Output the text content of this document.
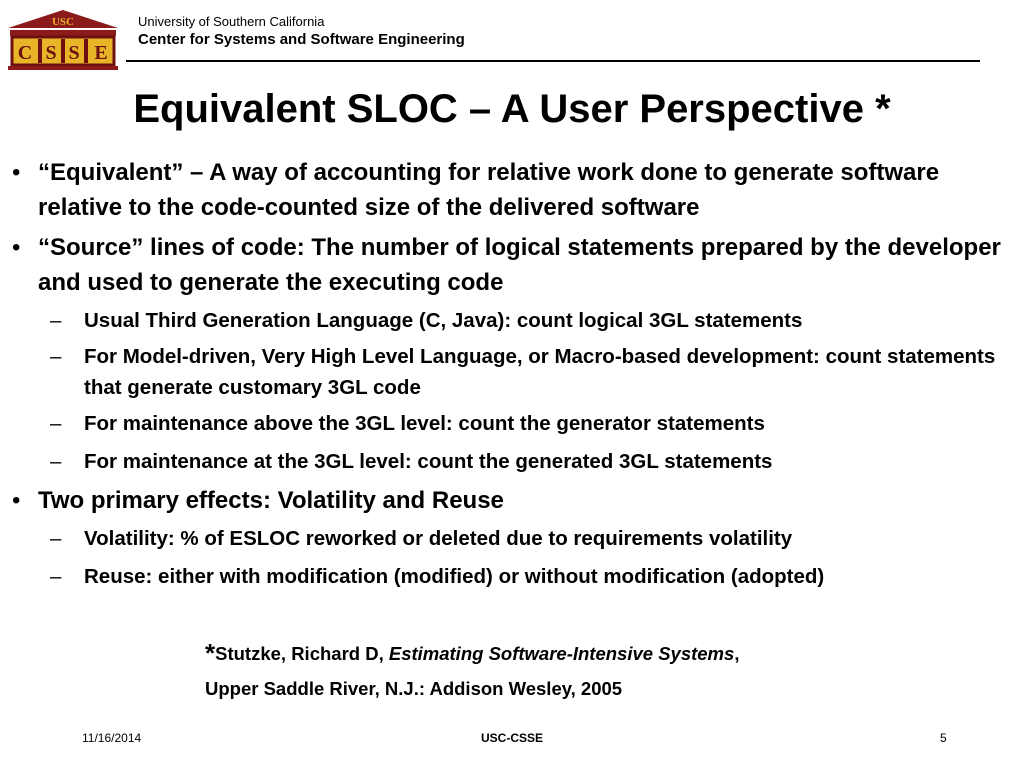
USC
C S S E
University of Southern California
Center for Systems and Software Engineering
Equivalent SLOC – A User Perspective *
• “Equivalent” – A way of accounting for relative work done to generate software relative to the code-counted size of the delivered software
• “Source” lines of code: The number of logical statements prepared by the developer and used to generate the executing code
– Usual Third Generation Language (C, Java): count logical 3GL statements
– For Model-driven, Very High Level Language, or Macro-based development: count statements that generate customary 3GL code
– For maintenance above the 3GL level: count the generator statements
– For maintenance at the 3GL level: count the generated 3GL statements
• Two primary effects: Volatility and Reuse
– Volatility: % of ESLOC reworked or deleted due to requirements volatility
– Reuse: either with modification (modified) or without modification (adopted)
*Stutzke, Richard D, Estimating Software-Intensive Systems,
Upper Saddle River, N.J.: Addison Wesley, 2005
11/16/2014	USC-CSSE	5
